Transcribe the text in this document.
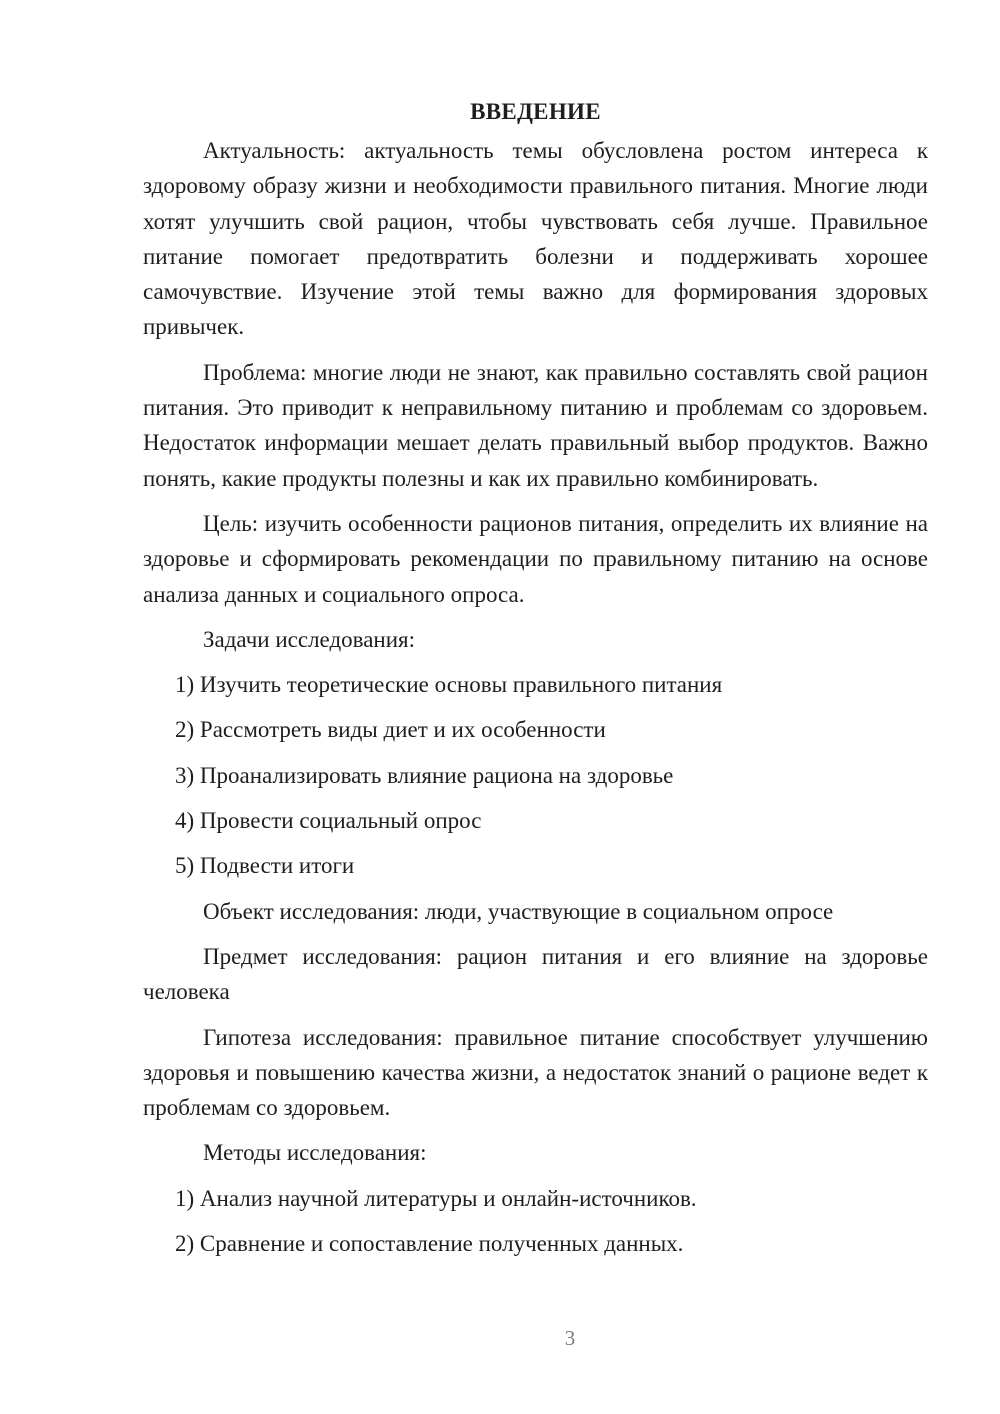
ВВЕДЕНИЕ

Актуальность: актуальность темы обусловлена ростом интереса к здоровому образу жизни и необходимости правильного питания. Многие люди хотят улучшить свой рацион, чтобы чувствовать себя лучше. Правильное питание помогает предотвратить болезни и поддерживать хорошее самочувствие. Изучение этой темы важно для формирования здоровых привычек.

Проблема: многие люди не знают, как правильно составлять свой рацион питания. Это приводит к неправильному питанию и проблемам со здоровьем. Недостаток информации мешает делать правильный выбор продуктов. Важно понять, какие продукты полезны и как их правильно комбинировать.

Цель: изучить особенности рационов питания, определить их влияние на здоровье и сформировать рекомендации по правильному питанию на основе анализа данных и социального опроса.

Задачи исследования:

1) Изучить теоретические основы правильного питания
2) Рассмотреть виды диет и их особенности
3) Проанализировать влияние рациона на здоровье
4) Провести социальный опрос
5) Подвести итоги

Объект исследования: люди, участвующие в социальном опросе

Предмет исследования: рацион питания и его влияние на здоровье человека

Гипотеза исследования: правильное питание способствует улучшению здоровья и повышению качества жизни, а недостаток знаний о рационе ведет к проблемам со здоровьем.

Методы исследования:

1) Анализ научной литературы и онлайн-источников.
2) Сравнение и сопоставление полученных данных.
3
